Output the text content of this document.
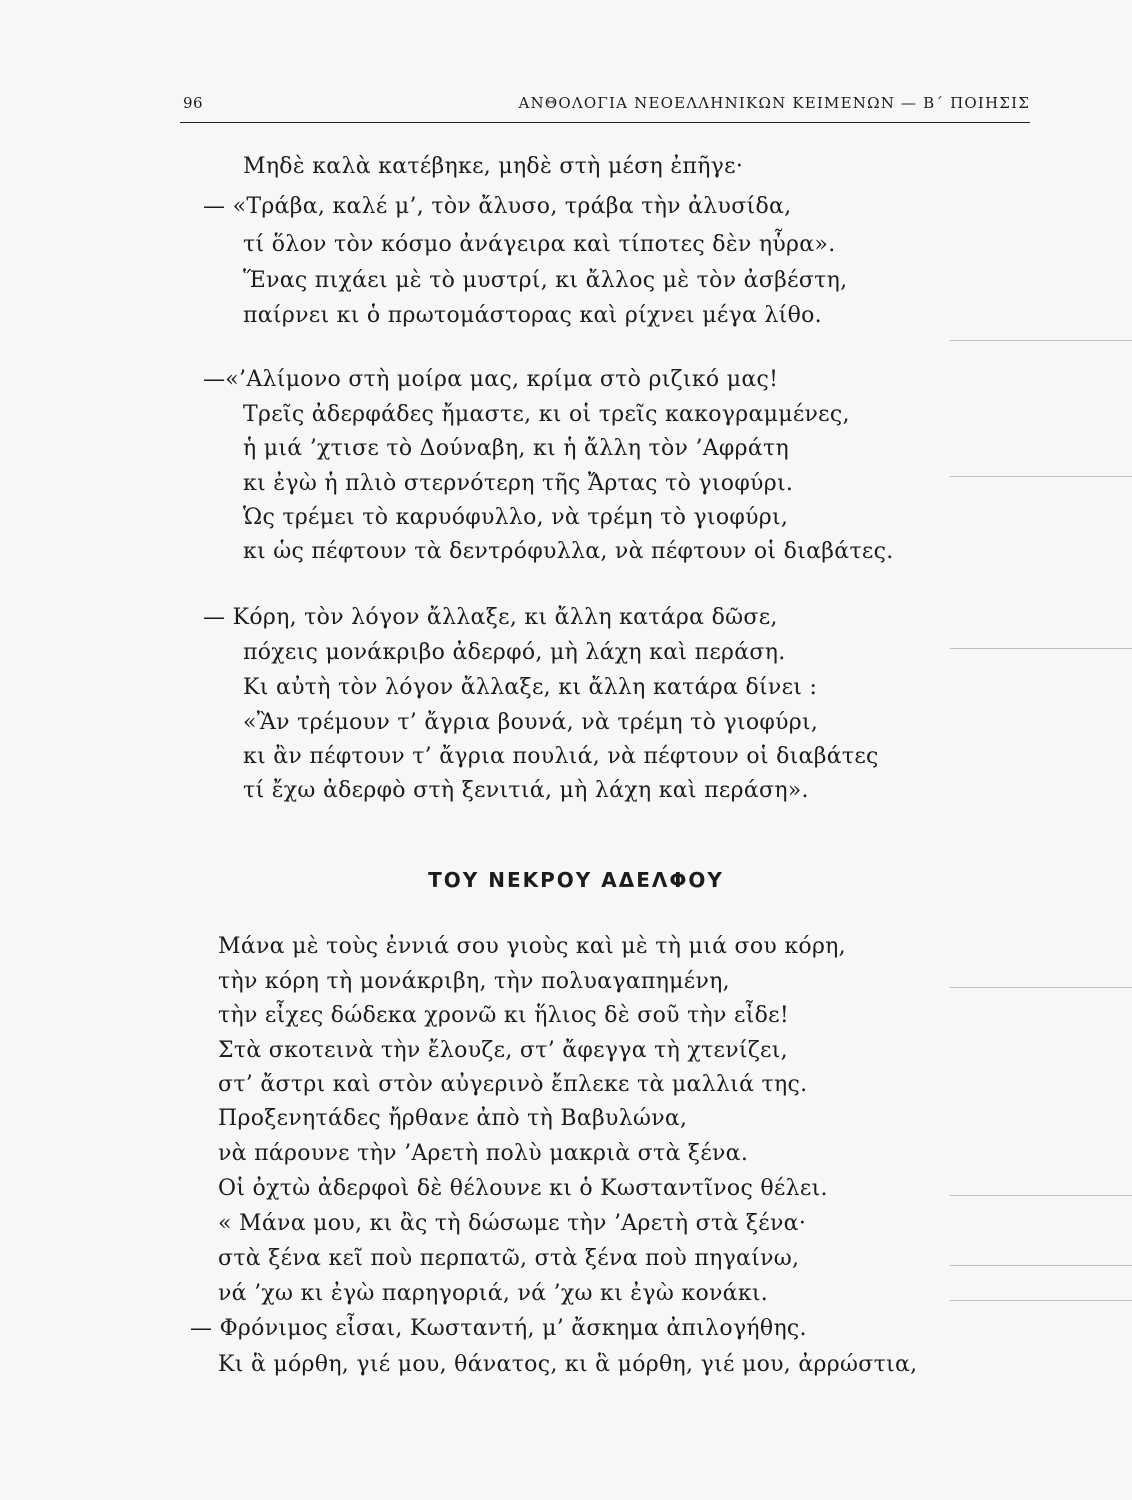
96	ΑΝΘΟΛΟΓΙΑ ΝΕΟΕΛΛΗΝΙΚΩΝ ΚΕΙΜΕΝΩΝ — Β΄ ΠΟΙΗΣΙΣ
Μηδὲ καλὰ κατέβηκε, μηδὲ στὴ μέση ἐπῆγε·
— «Τράβα, καλέ μ’, τὸν ἄλυσο, τράβα τὴν ἀλυσίδα,
τί ὅλον τὸν κόσμο ἀνάγειρα καὶ τίποτες δὲν ηὗρα».
Ἕνας πιχάει μὲ τὸ μυστρί, κι ἄλλος μὲ τὸν ἀσβέστη,
παίρνει κι ὁ πρωτομάστορας καὶ ρίχνει μέγα λίθο.
—«’Αλίμονο στὴ μοίρα μας, κρίμα στὸ ριζικό μας!
Τρεῖς ἀδερφάδες ἤμαστε, κι οἱ τρεῖς κακογραμμένες,
ἡ μιά ’χτισε τὸ Δούναβη, κι ἡ ἄλλη τὸν ’Αφράτη
κι ἐγὼ ἡ πλιὸ στερνότερη τῆς Ἄρτας τὸ γιοφύρι.
Ὡς τρέμει τὸ καρυόφυλλο, νὰ τρέμη τὸ γιοφύρι,
κι ὡς πέφτουν τὰ δεντρόφυλλα, νὰ πέφτουν οἱ διαβάτες.
— Κόρη, τὸν λόγον ἄλλαξε, κι ἄλλη κατάρα δῶσε,
πόχεις μονάκριβο ἀδερφό, μὴ λάχη καὶ περάση.
Κι αὐτὴ τὸν λόγον ἄλλαξε, κι ἄλλη κατάρα δίνει :
«Ἂν τρέμουν τ’ ἄγρια βουνά, νὰ τρέμη τὸ γιοφύρι,
κι ἂν πέφτουν τ’ ἄγρια πουλιά, νὰ πέφτουν οἱ διαβάτες
τί ἔχω ἀδερφὸ στὴ ξενιτιά, μὴ λάχη καὶ περάση».
ΤΟΥ ΝΕΚΡΟΥ ΑΔΕΛΦΟΥ
Μάνα μὲ τοὺς ἐννιά σου γιοὺς καὶ μὲ τὴ μιά σου κόρη,
τὴν κόρη τὴ μονάκριβη, τὴν πολυαγαπημένη,
τὴν εἶχες δώδεκα χρονῶ κι ἥλιος δὲ σοῦ τὴν εἶδε!
Στὰ σκοτεινὰ τὴν ἔλουζε, στ’ ἄφεγγα τὴ χτενίζει,
στ’ ἄστρι καὶ στὸν αὐγερινὸ ἔπλεκε τὰ μαλλιά της.
Προξενητάδες ἤρθανε ἀπὸ τὴ Βαβυλώνα,
νὰ πάρουνε τὴν ’Αρετὴ πολὺ μακριὰ στὰ ξένα.
Οἱ ὀχτὼ ἀδερφοὶ δὲ θέλουνε κι ὁ Κωσταντῖνος θέλει.
« Μάνα μου, κι ἂς τὴ δώσωμε τὴν ’Αρετὴ στὰ ξένα·
στὰ ξένα κεῖ ποὺ περπατῶ, στὰ ξένα ποὺ πηγαίνω,
νά ’χω κι ἐγὼ παρηγοριά, νά ’χω κι ἐγὼ κονάκι.
— Φρόνιμος εἶσαι, Κωσταντή, μ’ ἄσκημα ἀπιλογήθης.
Κι ἃ μόρθη, γιέ μου, θάνατος, κι ἃ μόρθη, γιέ μου, ἀρρώστια,
